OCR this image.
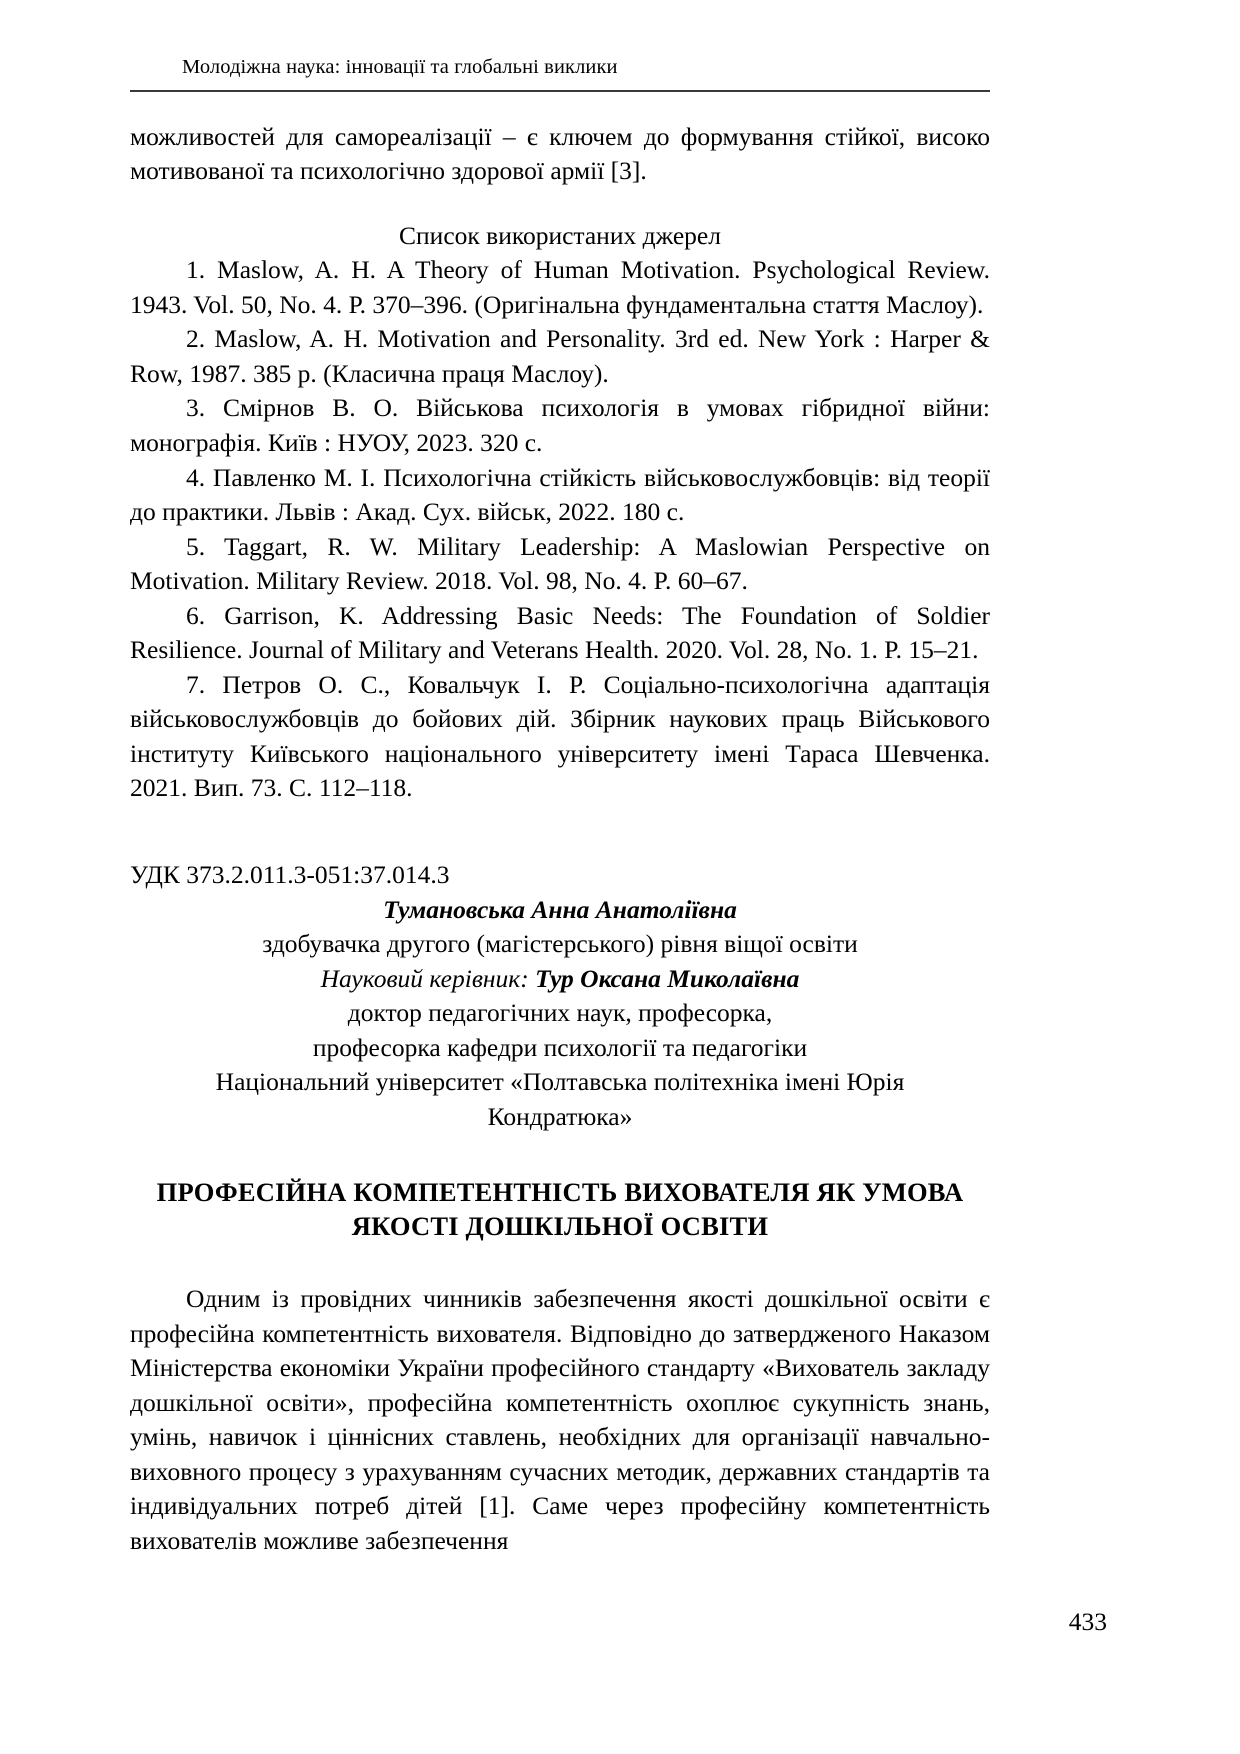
Молодіжна наука: інновації та глобальні виклики

можливостей для самореалізації – є ключем до формування стійкої, високо мотивованої та психологічно здорової армії [3].

Список використаних джерел

1. Maslow, A. H. A Theory of Human Motivation. Psychological Review. 1943. Vol. 50, No. 4. Р. 370–396. (Оригінальна фундаментальна стаття Маслоу).

2. Maslow, A. H. Motivation and Personality. 3rd ed. New York : Harper & Row, 1987. 385 p. (Класична праця Маслоу).

3. Смірнов В. О. Військова психологія в умовах гібридної війни: монографія. Київ : НУОУ, 2023. 320 с.

4. Павленко М. І. Психологічна стійкість військовослужбовців: від теорії до практики. Львів : Акад. Сух. військ, 2022. 180 с.

5. Taggart, R. W. Military Leadership: A Maslowian Perspective on Motivation. Military Review. 2018. Vol. 98, No. 4. P. 60–67.

6. Garrison, K. Addressing Basic Needs: The Foundation of Soldier Resilience. Journal of Military and Veterans Health. 2020. Vol. 28, No. 1. P. 15–21.

7. Петров О. С., Ковальчук І. Р. Соціально-психологічна адаптація військовослужбовців до бойових дій. Збірник наукових праць Військового інституту Київського національного університету імені Тараса Шевченка. 2021. Вип. 73. С. 112–118.

УДК 373.2.011.3-051:37.014.3

Тумановська Анна Анатоліївна

здобувачка другого (магістерського) рівня віщої освіти

Науковий керівник: Тур Оксана Миколаївна

доктор педагогічних наук, професорка,

професорка кафедри психології та педагогіки

Національний університет «Полтавська політехніка імені Юрія

Кондратюка»

ПРОФЕСІЙНА КОМПЕТЕНТНІСТЬ ВИХОВАТЕЛЯ ЯК УМОВА

ЯКОСТІ ДОШКІЛЬНОЇ ОСВІТИ

Одним із провідних чинників забезпечення якості дошкільної освіти є професійна компетентність вихователя. Відповідно до затвердженого Наказом Міністерства економіки України професійного стандарту «Вихователь закладу дошкільної освіти», професійна компетентність охоплює сукупність знань, умінь, навичок і ціннісних ставлень, необхідних для організації навчально-виховного процесу з урахуванням сучасних методик, державних стандартів та індивідуальних потреб дітей [1]. Саме через професійну компетентність вихователів можливе забезпечення

433
